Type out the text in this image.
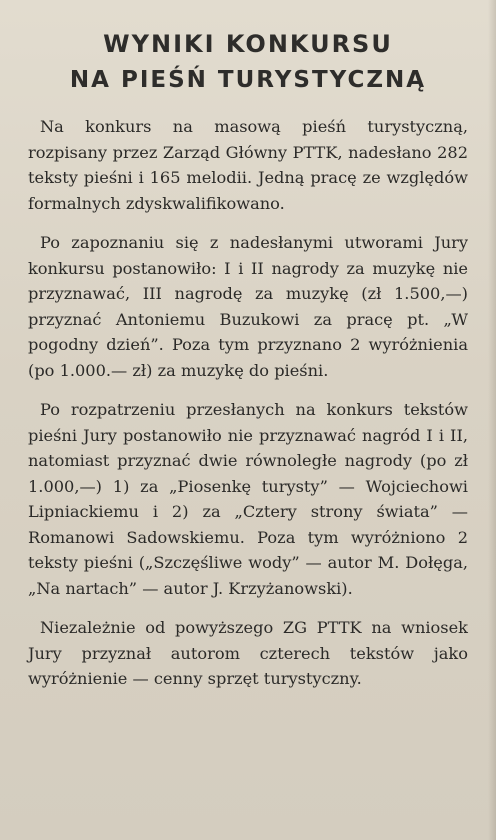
WYNIKI KONKURSU
NA PIEŚŃ TURYSTYCZNĄ

Na konkurs na masową pieśń turystyczną, rozpisany przez Zarząd Główny PTTK, nadesłano 282 teksty pieśni i 165 melodii. Jedną pracę ze względów formalnych zdyskwalifikowano.

Po zapoznaniu się z nadesłanymi utworami Jury konkursu postanowiło: I i II nagrody za muzykę nie przyznawać, III nagrodę za muzykę (zł 1.500,—) przyznać Antoniemu Buzukowi za pracę pt. „W pogodny dzień”. Poza tym przyznano 2 wyróżnienia (po 1.000.— zł) za muzykę do pieśni.

Po rozpatrzeniu przesłanych na konkurs tekstów pieśni Jury postanowiło nie przyznawać nagród I i II, natomiast przyznać dwie równoległe nagrody (po zł 1.000,—) 1) za „Piosenkę turysty” — Wojciechowi Lipniackiemu i 2) za „Cztery strony świata” — Romanowi Sadowskiemu. Poza tym wyróżniono 2 teksty pieśni („Szczęśliwe wody” — autor M. Dołęga, „Na nartach” — autor J. Krzyżanowski).

Niezależnie od powyższego ZG PTTK na wniosek Jury przyznał autorom czterech tekstów jako wyróżnienie — cenny sprzęt turystyczny.
